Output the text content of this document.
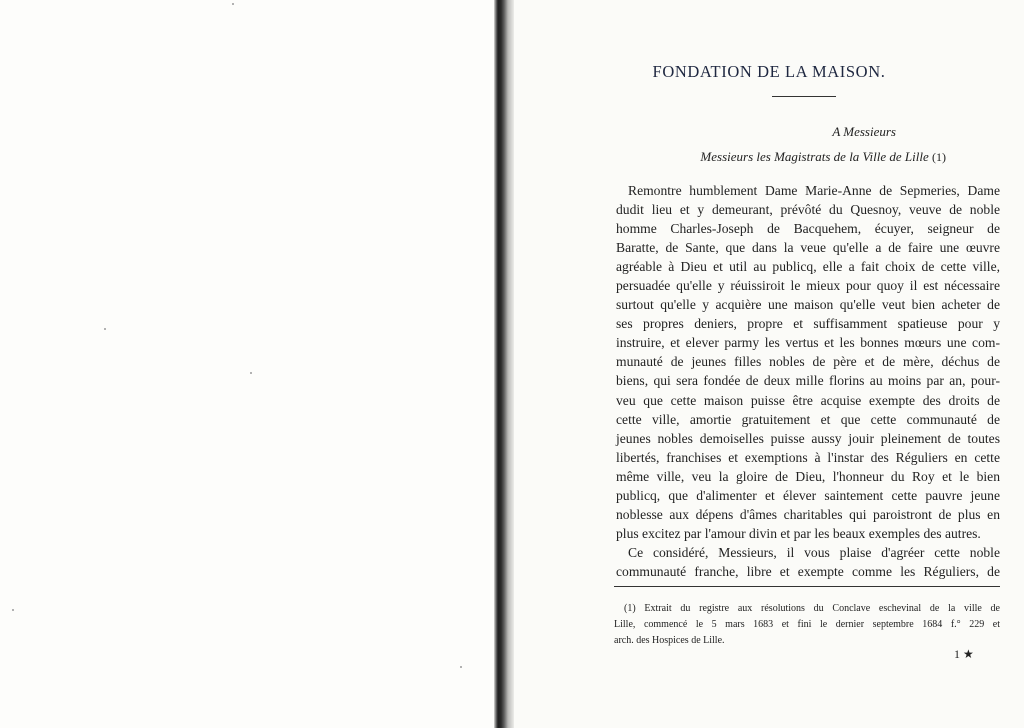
FONDATION DE LA MAISON.
A Messieurs
Messieurs les Magistrats de la Ville de Lille (1)
Remontre humblement Dame Marie-Anne de Sepmeries, Dame
dudit lieu et y demeurant, prévôté du Quesnoy, veuve de noble
homme Charles-Joseph de Bacquehem, écuyer, seigneur de
Baratte, de Sante, que dans la veue qu'elle a de faire une œuvre
agréable à Dieu et util au publicq, elle a fait choix de cette ville,
persuadée qu'elle y réuissiroit le mieux pour quoy il est nécessaire
surtout qu'elle y acquière une maison qu'elle veut bien acheter de
ses propres deniers, propre et suffisamment spatieuse pour y
instruire, et elever parmy les vertus et les bonnes mœurs une com-
munauté de jeunes filles nobles de père et de mère, déchus de
biens, qui sera fondée de deux mille florins au moins par an, pour-
veu que cette maison puisse être acquise exempte des droits de
cette ville, amortie gratuitement et que cette communauté de
jeunes nobles demoiselles puisse aussy jouir pleinement de toutes
libertés, franchises et exemptions à l'instar des Réguliers en cette
même ville, veu la gloire de Dieu, l'honneur du Roy et le bien
publicq, que d'alimenter et élever saintement cette pauvre jeune
noblesse aux dépens d'âmes charitables qui paroistront de plus en
plus excitez par l'amour divin et par les beaux exemples des autres.
Ce considéré, Messieurs, il vous plaise d'agréer cette noble
communauté franche, libre et exempte comme les Réguliers, de
(1) Extrait du registre aux résolutions du Conclave eschevinal de la ville de
Lille, commencé le 5 mars 1683 et fini le dernier septembre 1684 f.° 229 et
arch. des Hospices de Lille.
1 ★
